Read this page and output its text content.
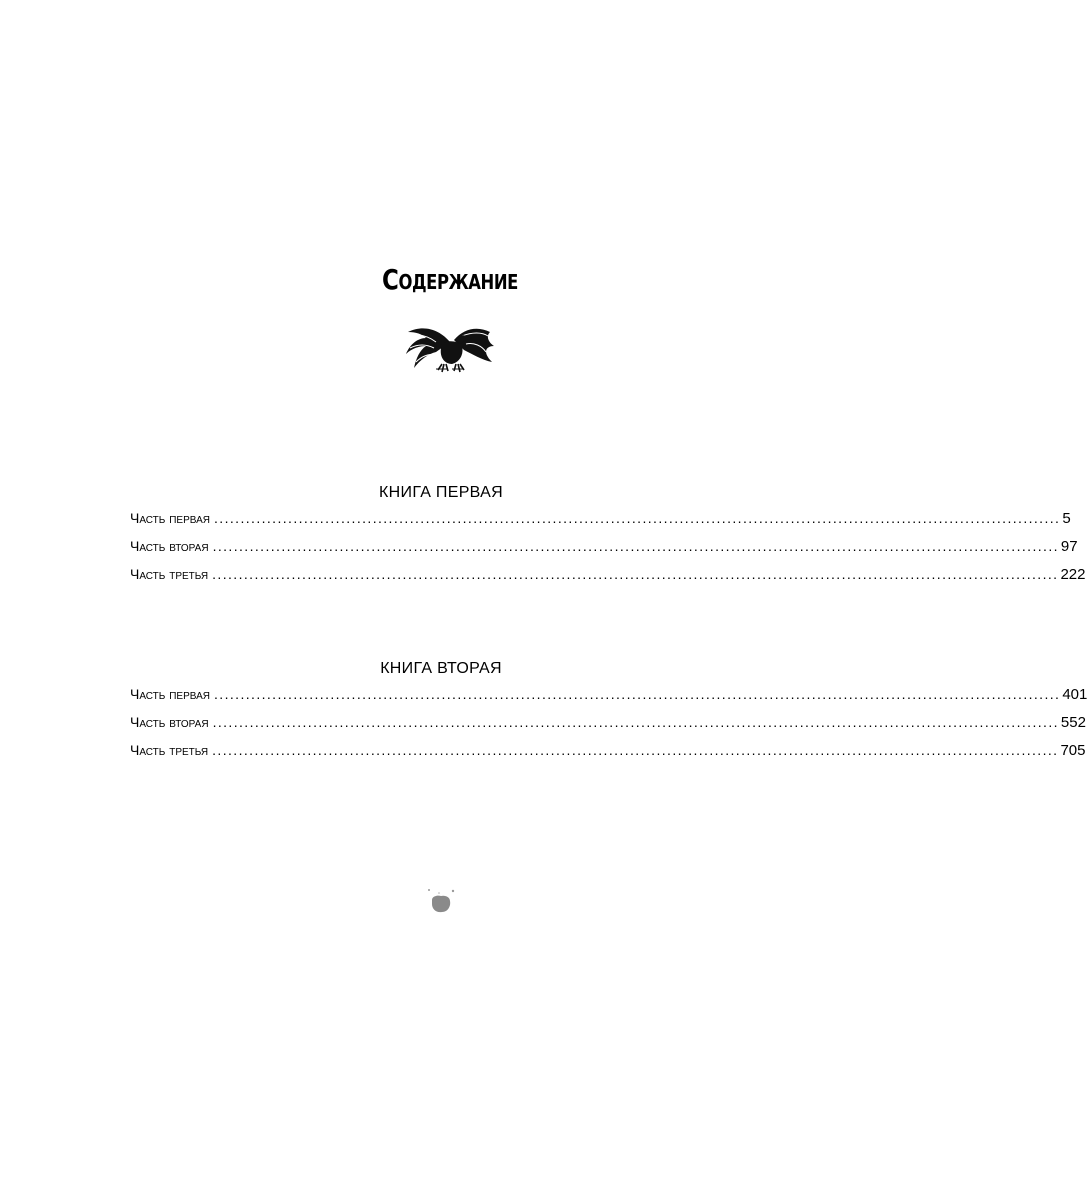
Содержание
КНИГА ПЕРВАЯ
Часть первая ................................................................................................................................................................ 5
Часть вторая ................................................................................................................................................................ 97
Часть третья ................................................................................................................................................................ 222
КНИГА ВТОРАЯ
Часть первая ................................................................................................................................................................ 401
Часть вторая ................................................................................................................................................................ 552
Часть третья ................................................................................................................................................................ 705
